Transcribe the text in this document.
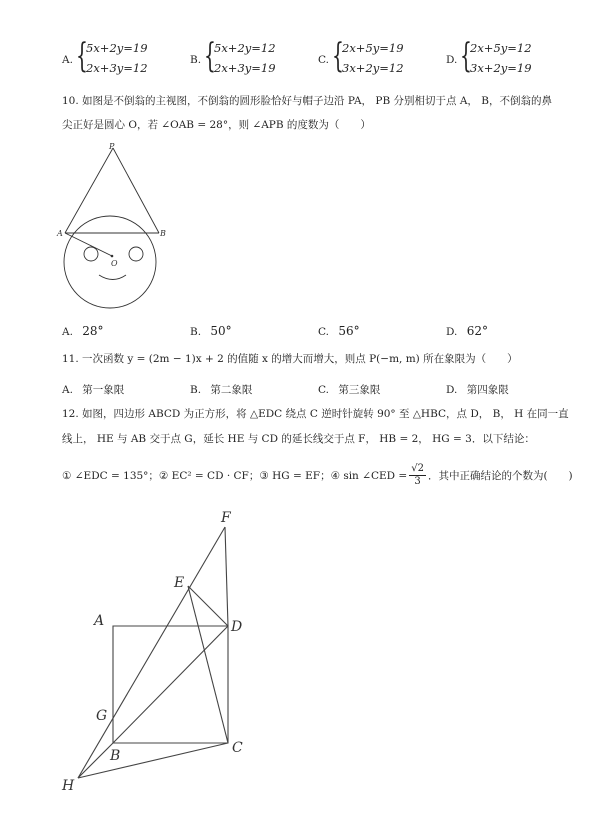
A. {
5x+2y=19
2x+3y=12
B. {
5x+2y=12
2x+3y=19
C. {
2x+5y=19
3x+2y=12
D. {
2x+5y=12
3x+2y=19
10. 如图是不倒翁的主视图，不倒翁的圆形脸恰好与帽子边沿 PA， PB 分别相切于点 A， B，不倒翁的鼻
尖正好是圆心 O，若 ∠OAB = 28°，则 ∠APB 的度数为（　　）
P
A	B
O
A. 28°	B. 50°	C. 56°	D. 62°
11. 一次函数 y = (2m − 1)x + 2 的值随 x 的增大而增大，则点 P(−m, m) 所在象限为（　　）
A. 第一象限	B. 第二象限	C. 第三象限	D. 第四象限
12. 如图，四边形 ABCD 为正方形，将 △EDC 绕点 C 逆时针旋转 90° 至 △HBC，点 D， B， H 在同一直
线上， HE 与 AB 交于点 G，延长 HE 与 CD 的延长线交于点 F， HB = 2， HG = 3．以下结论：
① ∠EDC = 135°；② EC² = CD · CF；③ HG = EF；④ sin ∠CED = $\frac{√2}{3}$ ．其中正确结论的个数为(　　)
F
E
A	D
G
B	C
H
